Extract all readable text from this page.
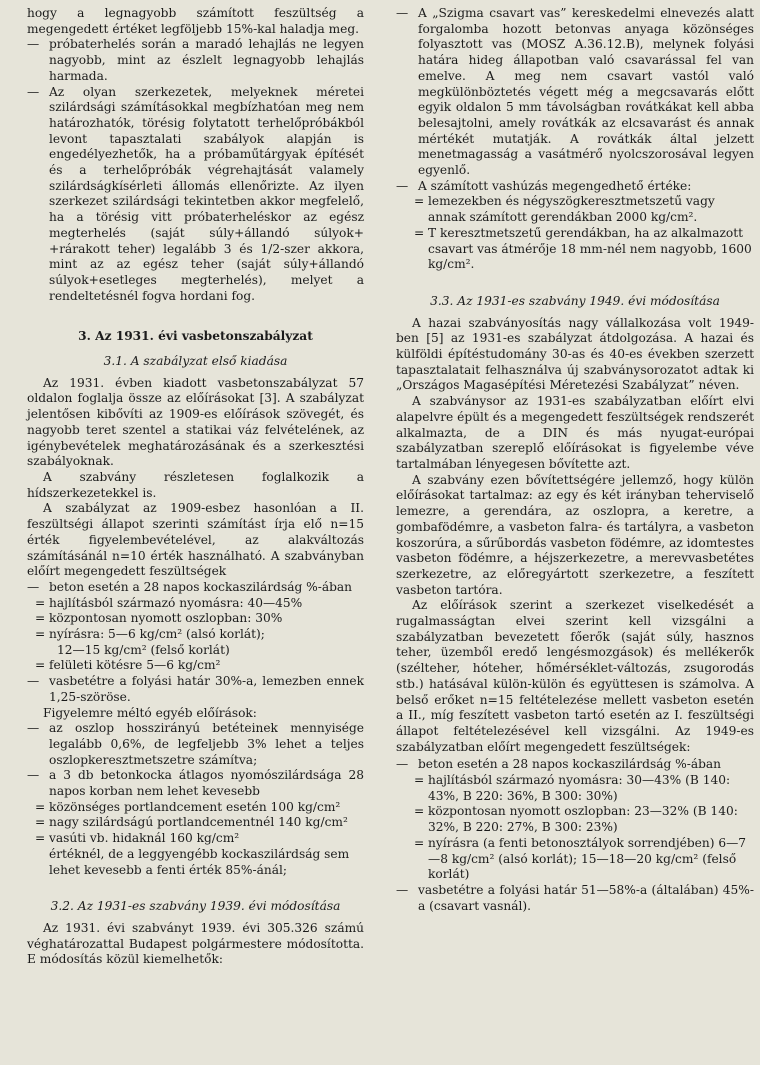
hogy a legnagyobb számított feszültség a megengedett értéket legföljebb 15%-kal haladja meg.

— próbaterhelés során a maradó lehajlás ne legyen nagyobb, mint az észlelt legnagyobb lehajlás harmada.
— Az olyan szerkezetek, melyeknek méretei szilárdsági számításokkal megbízhatóan meg nem határozhatók, törésig folytatott terhelőpróbákból levont tapasztalati szabályok alapján is engedélyezhetők, ha a próbaműtárgyak építését és a terhelőpróbák végrehajtását valamely szilárdságkísérleti állomás ellenőrizte. Az ilyen szerkezet szilárdsági tekintetben akkor megfelelő, ha a törésig vitt próbaterheléskor az egész megterhelés (saját súly+állandó súlyok+ +rárakott teher) legalább 3 és 1/2-szer akkora, mint az az egész teher (saját súly+állandó súlyok+esetleges megterhelés), melyet a rendeltetésnél fogva hordani fog.
3. Az 1931. évi vasbetonszabályzat
3.1. A szabályzat első kiadása

Az 1931. évben kiadott vasbetonszabályzat 57 oldalon foglalja össze az előírásokat [3]. A szabályzat jelentősen kibővíti az 1909-es előírások szövegét, és nagyobb teret szentel a statikai váz felvételének, az igénybevételek meghatározásának és a szerkesztési szabályoknak.

A szabvány részletesen foglalkozik a hídszerkezetekkel is.

A szabályzat az 1909-esbez hasonlóan a II. feszültségi állapot szerinti számítást írja elő n=15 érték figyelembevételével, az alakváltozás számításánál n=10 érték használható. A szabványban előírt megengedett feszültségek

— beton esetén a 28 napos kockaszilárdság %-ában
= hajlításból származó nyomásra: 40—45%
= központosan nyomott oszlopban: 30%
= nyírásra: 5—6 kg/cm² (alsó korlát);
12—15 kg/cm² (felső korlát)
= felületi kötésre 5—6 kg/cm²
— vasbetétre a folyási határ 30%-a, lemezben ennek 1,25-szöröse.

Figyelemre méltó egyéb előírások:

— az oszlop hosszirányú betéteinek mennyisége legalább 0,6%, de legfeljebb 3% lehet a teljes oszlopkeresztmetszetre számítva;
— a 3 db betonkocka átlagos nyomószilárdsága 28 napos korban nem lehet kevesebb
= közönséges portlandcement esetén 100 kg/cm²
= nagy szilárdságú portlandcementnél 140 kg/cm²
= vasúti vb. hidaknál 160 kg/cm²
értéknél, de a leggyengébb kockaszilárdság sem lehet kevesebb a fenti érték 85%-ánál;
3.2. Az 1931-es szabvány 1939. évi módosítása

Az 1931. évi szabványt 1939. évi 305.326 számú véghatározattal Budapest polgármestere módosította. E módosítás közül kiemelhetők:

— A „Szigma csavart vas” kereskedelmi elnevezés alatt forgalomba hozott betonvas anyaga közönséges folyasztott vas (MOSZ A.36.12.B), melynek folyási határa hideg állapotban való csavarással fel van emelve. A meg nem csavart vastól való megkülönböztetés végett még a megcsavarás előtt egyik oldalon 5 mm távolságban rovátkákat kell abba belesajtolni, amely rovátkák az elcsavarást és annak mértékét mutatják. A rovátkák által jelzett menetmagasság a vasátmérő nyolcszorosával legyen egyenlő.
— A számított vashúzás megengedhető értéke:
= lemezekben és négyszögkeresztmetszetű vagy annak számított gerendákban 2000 kg/cm².
= T keresztmetszetű gerendákban, ha az alkalmazott csavart vas átmérője 18 mm-nél nem nagyobb, 1600 kg/cm².
3.3. Az 1931-es szabvány 1949. évi módosítása

A hazai szabványosítás nagy vállalkozása volt 1949-ben [5] az 1931-es szabályzat átdolgozása. A hazai és külföldi építéstudomány 30-as és 40-es években szerzett tapasztalatait felhasználva új szabványsorozatot adtak ki „Országos Magasépítési Méretezési Szabályzat” néven.

A szabványsor az 1931-es szabályzatban előírt elvi alapelvre épült és a megengedett feszültségek rendszerét alkalmazta, de a DIN és más nyugat-európai szabályzatban szereplő előírásokat is figyelembe véve tartalmában lényegesen bővítette azt.

A szabvány ezen bővítettségére jellemző, hogy külön előírásokat tartalmaz: az egy és két irányban teherviselő lemezre, a gerendára, az oszlopra, a keretre, a gombafödémre, a vasbeton falra- és tartályra, a vasbeton koszorúra, a sűrűbordás vasbeton födémre, az idomtestes vasbeton födémre, a héjszerkezetre, a merevvasbetétes szerkezetre, az előregyártott szerkezetre, a feszített vasbeton tartóra.

Az előírások szerint a szerkezet viselkedését a rugalmasságtan elvei szerint kell vizsgálni a szabályzatban bevezetett főerők (saját súly, hasznos teher, üzemből eredő lengésmozgások) és mellékerők (szélteher, hóteher, hőmérséklet-változás, zsugorodás stb.) hatásával külön-külön és együttesen is számolva. A belső erőket n=15 feltételezése mellett vasbeton esetén a II., míg feszített vasbeton tartó esetén az I. feszültségi állapot feltételezésével kell vizsgálni. Az 1949-es szabályzatban előírt megengedett feszültségek:

— beton esetén a 28 napos kockaszilárdság %-ában
= hajlításból származó nyomásra: 30—43% (B 140: 43%, B 220: 36%, B 300: 30%)
= központosan nyomott oszlopban: 23—32% (B 140: 32%, B 220: 27%, B 300: 23%)
= nyírásra (a fenti betonosztályok sorrendjében) 6—7—8 kg/cm² (alsó korlát); 15—18—20 kg/cm² (felső korlát)
— vasbetétre a folyási határ 51—58%-a (általában) 45%-a (csavart vasnál).
